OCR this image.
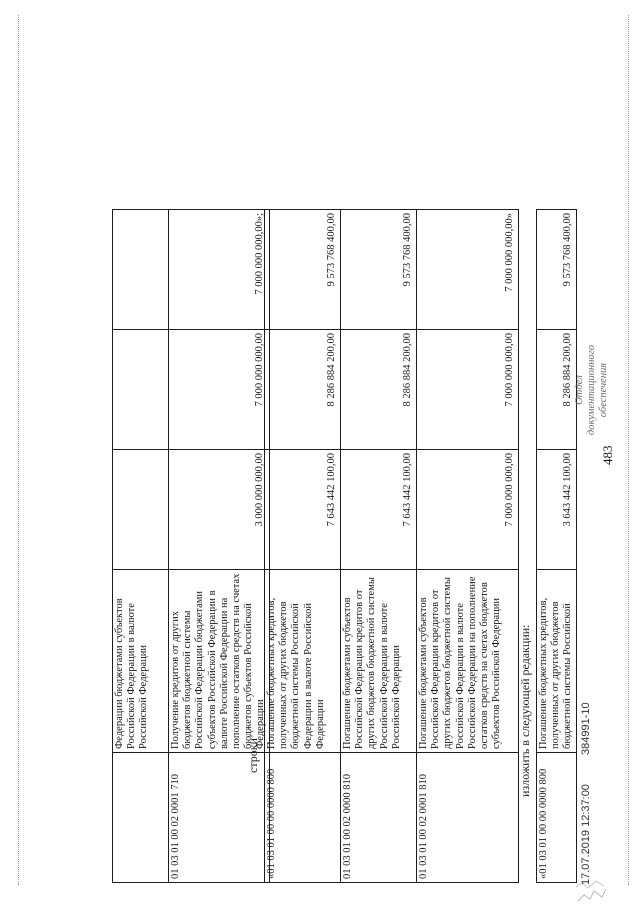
483
	Федерации бюджетами субъектов Российской Федерации в валюте Российской Федерации			
01 03 01 00 02 0001 710	Получение кредитов от других бюджетов бюджетной системы Российской Федерации бюджетами субъектов Российской Федерации в валюте Российской Федерации на пополнение остатков средств на счетах бюджетов субъектов Российской Федерации	3 000 000 000,00	7 000 000 000,00	7 000 000 000,00»;
строки
«01 03 01 00 00 0000 800	Погашение бюджетных кредитов, полученных от других бюджетов бюджетной системы Российской Федерации в валюте Российской Федерации	7 643 442 100,00	8 286 884 200,00	9 573 768 400,00
01 03 01 00 02 0000 810	Погашение бюджетами субъектов Российской Федерации кредитов от других бюджетов бюджетной системы Российской Федерации в валюте Российской Федерации	7 643 442 100,00	8 286 884 200,00	9 573 768 400,00
01 03 01 00 02 0001 810	Погашение бюджетами субъектов Российской Федерации кредитов от других бюджетов бюджетной системы Российской Федерации в валюте Российской Федерации на пополнение остатков средств на счетах бюджетов субъектов Российской Федерации	7 000 000 000,00	7 000 000 000,00	7 000 000 000,00»
изложить в следующей редакции:
«01 03 01 00 00 0000 800	Погашение бюджетных кредитов, полученных от других бюджетов бюджетной системы Российской	3 643 442 100,00	8 286 884 200,00	9 573 768 400,00
17.07.2019 12:37:00
384991-10
Отдел документационного обеспечения
